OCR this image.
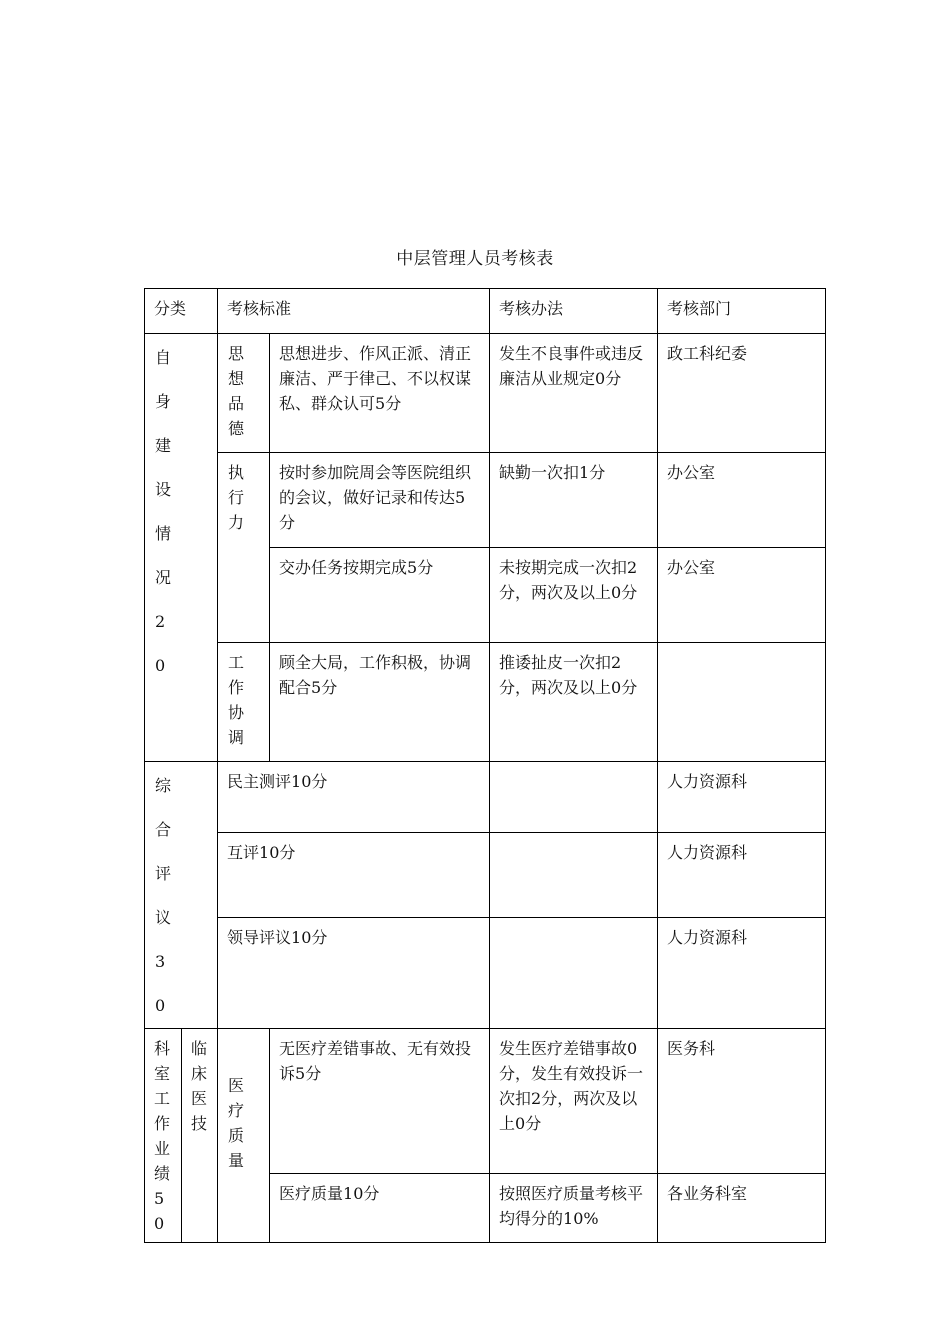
中层管理人员考核表
分类		考核标准		考核办法	考核部门

自身建设情况20		思想品德	思想进步、作风正派、清正廉洁、严于律己、不以权谋私、群众认可5分	发生不良事件或违反廉洁从业规定0分	政工科纪委

		执行力	按时参加院周会等医院组织的会议，做好记录和传达5分	缺勤一次扣1分	办公室
			交办任务按期完成5分	未按期完成一次扣2分，两次及以上0分	办公室

		工作协调	顾全大局，工作积极，协调配合5分	推诿扯皮一次扣2分，两次及以上0分	

综合评议30		民主测评10分			人力资源科
		互评10分			人力资源科
		领导评议10分			人力资源科

科室工作业绩50	临床医技	医疗质量	无医疗差错事故、无有效投诉5分	发生医疗差错事故0分，发生有效投诉一次扣2分，两次及以上0分	医务科
			医疗质量10分	按照医疗质量考核平均得分的10%	各业务科室
